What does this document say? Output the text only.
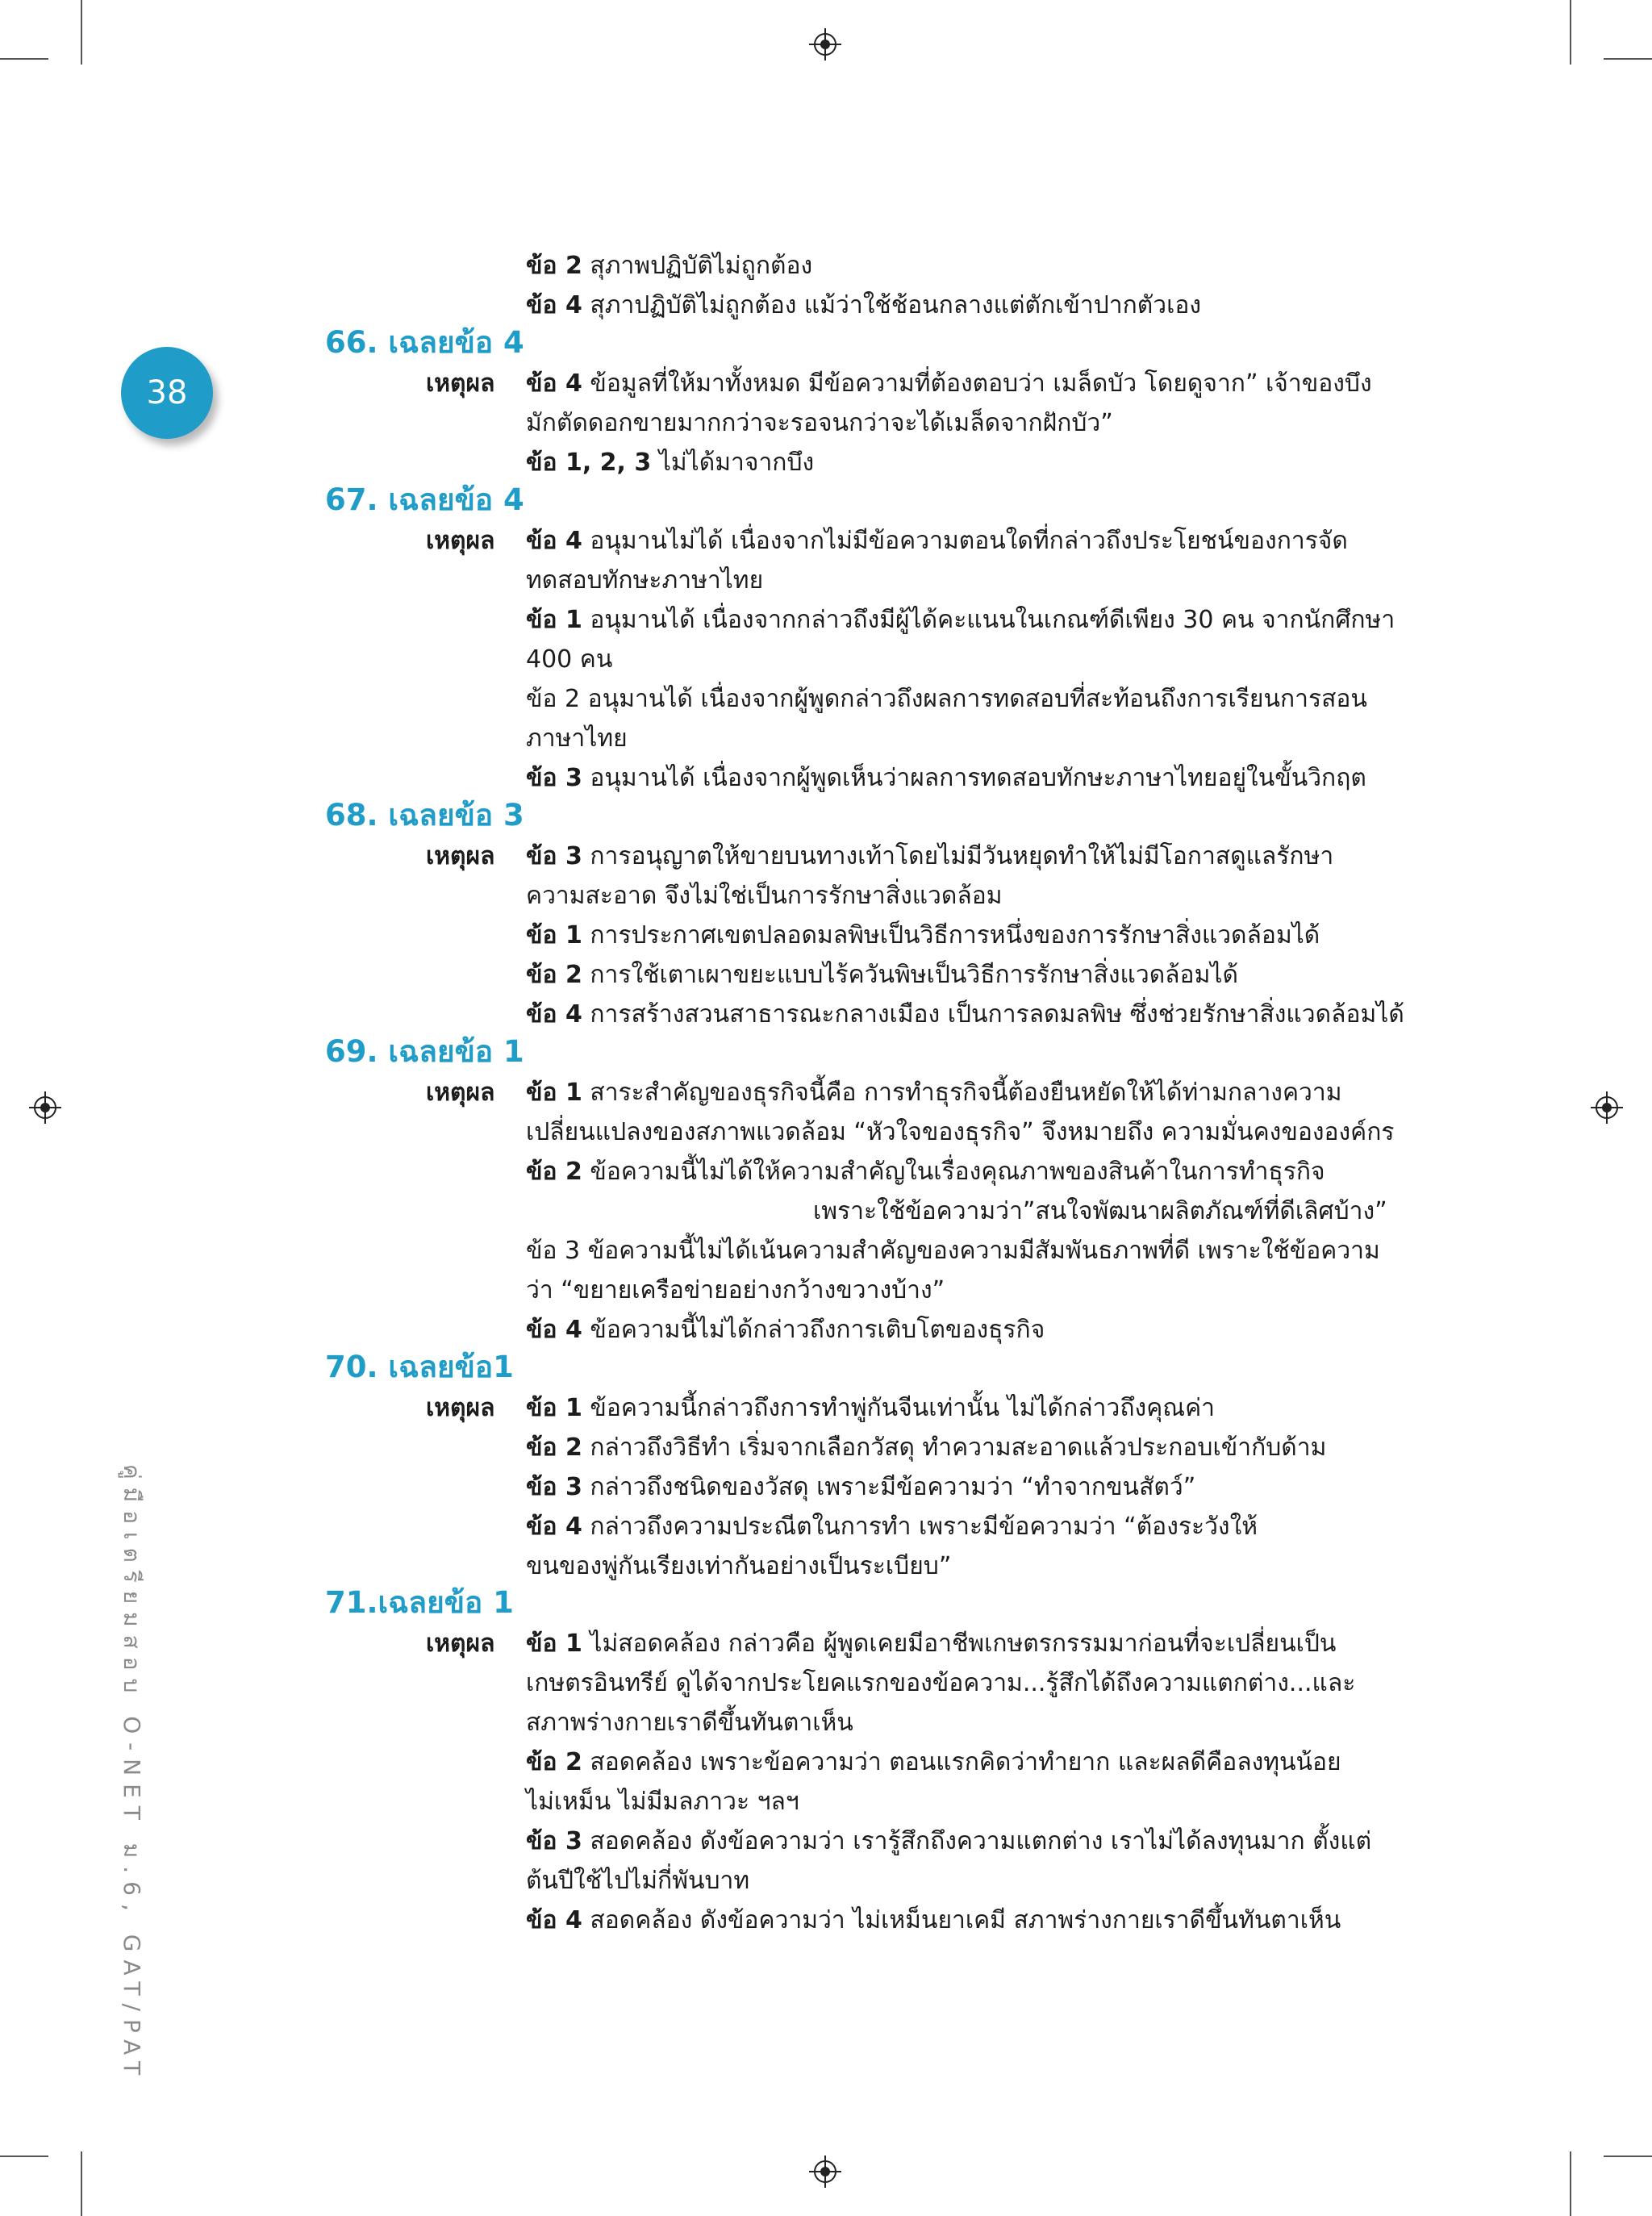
38
คู่มือเตรียมสอบ O-NET ม.6, GAT/PAT
ข้อ 2 สุภาพปฏิบัติไม่ถูกต้อง
ข้อ 4 สุภาปฏิบัติไม่ถูกต้อง แม้ว่าใช้ช้อนกลางแต่ตักเข้าปากตัวเอง
66. เฉลยข้อ 4
เหตุผล ข้อ 4 ข้อมูลที่ให้มาทั้งหมด มีข้อความที่ต้องตอบว่า เมล็ดบัว โดยดูจาก” เจ้าของบึง
มักตัดดอกขายมากกว่าจะรอจนกว่าจะได้เมล็ดจากฝักบัว”
ข้อ 1, 2, 3 ไม่ได้มาจากบึง
67. เฉลยข้อ 4
เหตุผล ข้อ 4 อนุมานไม่ได้ เนื่องจากไม่มีข้อความตอนใดที่กล่าวถึงประโยชน์ของการจัด
ทดสอบทักษะภาษาไทย
ข้อ 1 อนุมานได้ เนื่องจากกล่าวถึงมีผู้ได้คะแนนในเกณฑ์ดีเพียง 30 คน จากนักศึกษา
400 คน
ข้อ 2 อนุมานได้ เนื่องจากผู้พูดกล่าวถึงผลการทดสอบที่สะท้อนถึงการเรียนการสอน
ภาษาไทย
ข้อ 3 อนุมานได้ เนื่องจากผู้พูดเห็นว่าผลการทดสอบทักษะภาษาไทยอยู่ในขั้นวิกฤต
68. เฉลยข้อ 3
เหตุผล ข้อ 3 การอนุญาตให้ขายบนทางเท้าโดยไม่มีวันหยุดทำให้ไม่มีโอกาสดูแลรักษา
ความสะอาด จึงไม่ใช่เป็นการรักษาสิ่งแวดล้อม
ข้อ 1 การประกาศเขตปลอดมลพิษเป็นวิธีการหนึ่งของการรักษาสิ่งแวดล้อมได้
ข้อ 2 การใช้เตาเผาขยะแบบไร้ควันพิษเป็นวิธีการรักษาสิ่งแวดล้อมได้
ข้อ 4 การสร้างสวนสาธารณะกลางเมือง เป็นการลดมลพิษ ซึ่งช่วยรักษาสิ่งแวดล้อมได้
69. เฉลยข้อ 1
เหตุผล ข้อ 1 สาระสำคัญของธุรกิจนี้คือ การทำธุรกิจนี้ต้องยืนหยัดให้ได้ท่ามกลางความ
เปลี่ยนแปลงของสภาพแวดล้อม “หัวใจของธุรกิจ” จึงหมายถึง ความมั่นคงขององค์กร
ข้อ 2 ข้อความนี้ไม่ได้ให้ความสำคัญในเรื่องคุณภาพของสินค้าในการทำธุรกิจ
เพราะใช้ข้อความว่า”สนใจพัฒนาผลิตภัณฑ์ที่ดีเลิศบ้าง”
ข้อ 3 ข้อความนี้ไม่ได้เน้นความสำคัญของความมีสัมพันธภาพที่ดี เพราะใช้ข้อความ
ว่า “ขยายเครือข่ายอย่างกว้างขวางบ้าง”
ข้อ 4 ข้อความนี้ไม่ได้กล่าวถึงการเติบโตของธุรกิจ
70. เฉลยข้อ1
เหตุผล ข้อ 1 ข้อความนี้กล่าวถึงการทำพู่กันจีนเท่านั้น ไม่ได้กล่าวถึงคุณค่า
ข้อ 2 กล่าวถึงวิธีทำ เริ่มจากเลือกวัสดุ ทำความสะอาดแล้วประกอบเข้ากับด้าม
ข้อ 3 กล่าวถึงชนิดของวัสดุ เพราะมีข้อความว่า “ทำจากขนสัตว์”
ข้อ 4 กล่าวถึงความประณีตในการทำ เพราะมีข้อความว่า “ต้องระวังให้
ขนของพู่กันเรียงเท่ากันอย่างเป็นระเบียบ”
71.เฉลยข้อ 1
เหตุผล ข้อ 1 ไม่สอดคล้อง กล่าวคือ ผู้พูดเคยมีอาชีพเกษตรกรรมมาก่อนที่จะเปลี่ยนเป็น
เกษตรอินทรีย์ ดูได้จากประโยคแรกของข้อความ...รู้สึกได้ถึงความแตกต่าง...และ
สภาพร่างกายเราดีขึ้นทันตาเห็น
ข้อ 2 สอดคล้อง เพราะข้อความว่า ตอนแรกคิดว่าทำยาก และผลดีคือลงทุนน้อย
ไม่เหม็น ไม่มีมลภาวะ ฯลฯ
ข้อ 3 สอดคล้อง ดังข้อความว่า เรารู้สึกถึงความแตกต่าง เราไม่ได้ลงทุนมาก ตั้งแต่
ต้นปีใช้ไปไม่กี่พันบาท
ข้อ 4 สอดคล้อง ดังข้อความว่า ไม่เหม็นยาเคมี สภาพร่างกายเราดีขึ้นทันตาเห็น
